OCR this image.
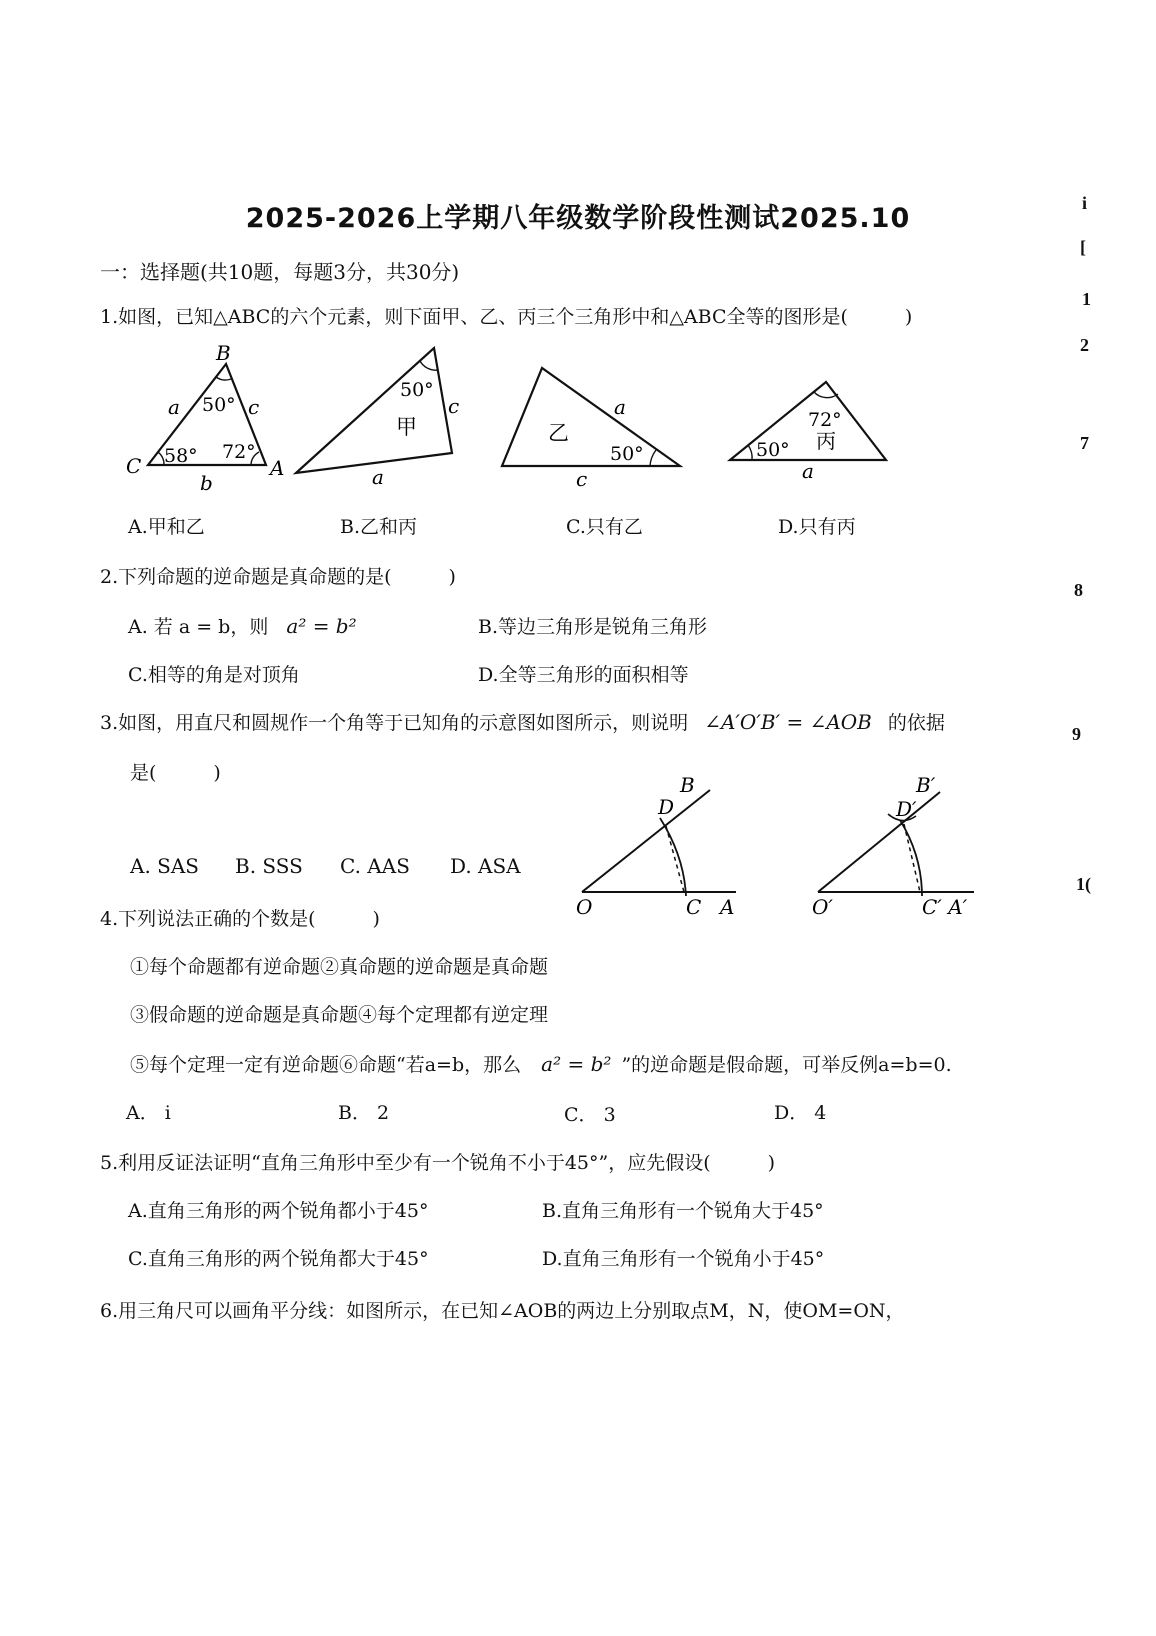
2025-2026上学期八年级数学阶段性测试2025.10
一：选择题(共10题，每题3分，共30分)
i
[
1
2
7
8
9
1(
1.如图，已知△ABC的六个元素，则下面甲、乙、丙三个三角形中和△ABC全等的图形是(　　　)
B
C	A
a	c
b
50°
58° 72°
50°
甲
c
a
乙
a
50°
c
72°
丙
50°
a
A.甲和乙	B.乙和丙	C.只有乙	D.只有丙
2.下列命题的逆命题是真命题的是(　　　)
A. 若 a = b，则 a² = b²	B.等边三角形是锐角三角形
C.相等的角是对顶角	D.全等三角形的面积相等
3.如图，用直尺和圆规作一个角等于已知角的示意图如图所示，则说明 ∠A′O′B′ = ∠AOB 的依据
是(　　　)
A. SAS B. SSS C. AAS D. ASA
O	C A
D
B
O′	C′ A′
D′
B′
4.下列说法正确的个数是(　　　)
①每个命题都有逆命题②真命题的逆命题是真命题
③假命题的逆命题是真命题④每个定理都有逆定理
⑤每个定理一定有逆命题⑥命题“若a=b，那么 a² = b² ”的逆命题是假命题，可举反例a=b=0.
A． i	B． 2	C． 3	D． 4
5.利用反证法证明“直角三角形中至少有一个锐角不小于45°”，应先假设(　　　)
A.直角三角形的两个锐角都小于45°	B.直角三角形有一个锐角大于45°
C.直角三角形的两个锐角都大于45°	D.直角三角形有一个锐角小于45°
6.用三角尺可以画角平分线：如图所示，在已知∠AOB的两边上分别取点M，N，使OM=ON，
